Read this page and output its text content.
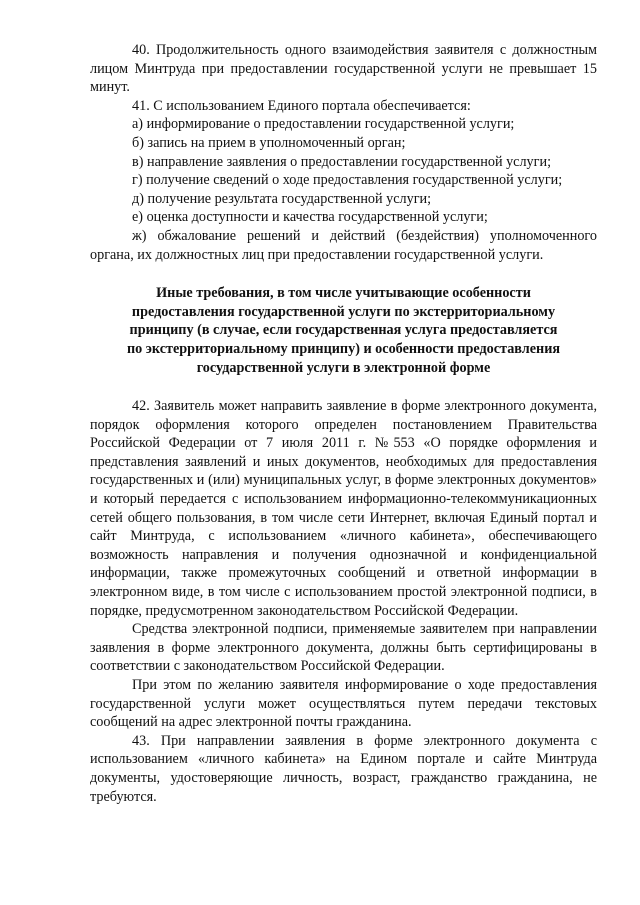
40. Продолжительность одного взаимодействия заявителя с должностным лицом Минтруда при предоставлении государственной услуги не превышает 15 минут.

41. С использованием Единого портала обеспечивается:

а) информирование о предоставлении государственной услуги;

б) запись на прием в уполномоченный орган;

в) направление заявления о предоставлении государственной услуги;

г) получение сведений о ходе предоставления государственной услуги;

д) получение результата государственной услуги;

е) оценка доступности и качества государственной услуги;

ж) обжалование решений и действий (бездействия) уполномоченного органа, их должностных лиц при предоставлении государственной услуги.

Иные требования, в том числе учитывающие особенности
предоставления государственной услуги по экстерриториальному
принципу (в случае, если государственная услуга предоставляется
по экстерриториальному принципу) и особенности предоставления
государственной услуги в электронной форме

42. Заявитель может направить заявление в форме электронного документа, порядок оформления которого определен постановлением Правительства Российской Федерации от 7 июля 2011 г. №553 «О порядке оформления и представления заявлений и иных документов, необходимых для предоставления государственных и (или) муниципальных услуг, в форме электронных документов» и который передается с использованием информационно-телекоммуникационных сетей общего пользования, в том числе сети Интернет, включая Единый портал и сайт Минтруда, с использованием «личного кабинета», обеспечивающего возможность направления и получения однозначной и конфиденциальной информации, также промежуточных сообщений и ответной информации в электронном виде, в том числе с использованием простой электронной подписи, в порядке, предусмотренном законодательством Российской Федерации.

Средства электронной подписи, применяемые заявителем при направлении заявления в форме электронного документа, должны быть сертифицированы в соответствии с законодательством Российской Федерации.

При этом по желанию заявителя информирование о ходе предоставления государственной услуги может осуществляться путем передачи текстовых сообщений на адрес электронной почты гражданина.

43. При направлении заявления в форме электронного документа с использованием «личного кабинета» на Едином портале и сайте Минтруда документы, удостоверяющие личность, возраст, гражданство гражданина, не требуются.
